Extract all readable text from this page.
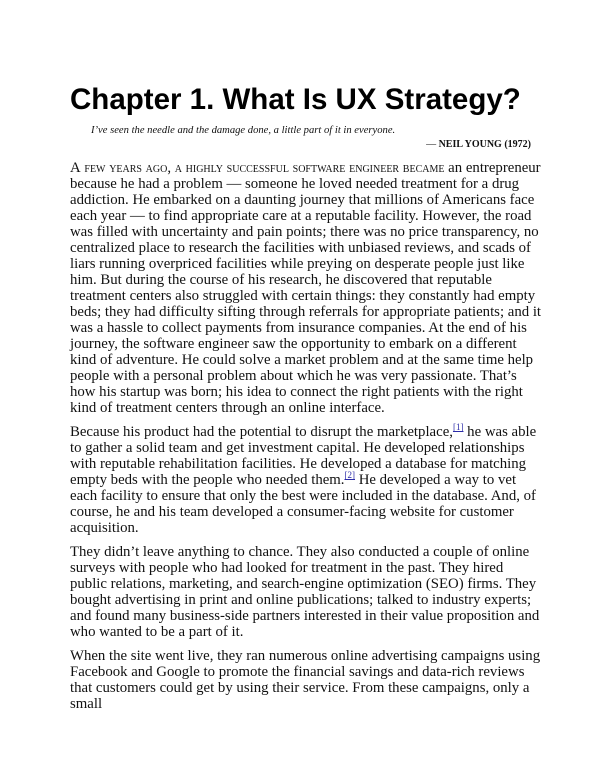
Chapter 1. What Is UX Strategy?

I’ve seen the needle and the damage done, a little part of it in everyone.

— NEIL YOUNG (1972)

A few years ago, a highly successful software engineer became an entrepreneur because he had a problem — someone he loved needed treatment for a drug addiction. He embarked on a daunting journey that millions of Americans face each year — to find appropriate care at a reputable facility. However, the road was filled with uncertainty and pain points; there was no price transparency, no centralized place to research the facilities with unbiased reviews, and scads of liars running overpriced facilities while preying on desperate people just like him. But during the course of his research, he discovered that reputable treatment centers also struggled with certain things: they constantly had empty beds; they had difficulty sifting through referrals for appropriate patients; and it was a hassle to collect payments from insurance companies. At the end of his journey, the software engineer saw the opportunity to embark on a different kind of adventure. He could solve a market problem and at the same time help people with a personal problem about which he was very passionate. That’s how his startup was born; his idea to connect the right patients with the right kind of treatment centers through an online interface.

Because his product had the potential to disrupt the marketplace,[1] he was able to gather a solid team and get investment capital. He developed relationships with reputable rehabilitation facilities. He developed a database for matching empty beds with the people who needed them.[2] He developed a way to vet each facility to ensure that only the best were included in the database. And, of course, he and his team developed a consumer-facing website for customer acquisition.

They didn’t leave anything to chance. They also conducted a couple of online surveys with people who had looked for treatment in the past. They hired public relations, marketing, and search-engine optimization (SEO) firms. They bought advertising in print and online publications; talked to industry experts; and found many business-side partners interested in their value proposition and who wanted to be a part of it.

When the site went live, they ran numerous online advertising campaigns using Facebook and Google to promote the financial savings and data-rich reviews that customers could get by using their service. From these campaigns, only a small
